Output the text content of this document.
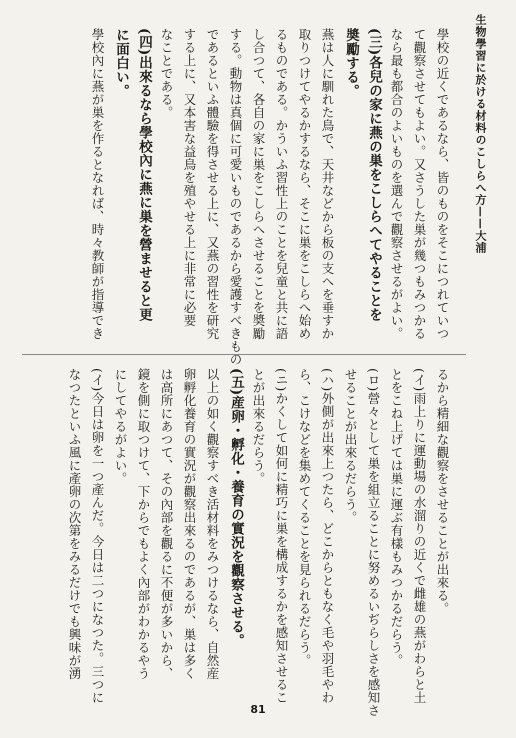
生物學習に於ける材料のこしらへ方——大浦
學校の近くであるなら、皆のものをそこにつれていつ
て觀察させてもよい。又さうした巣が幾つもみつかる
なら最も都合のよいものを選んで觀察させるがよい。
(三)各兒の家に燕の巣をこしらへてやることを
奬勵する。
燕は人に馴れた鳥で、天井などから板の支へを垂すか
取りつけてやるかするなら、そこに巣をこしらへ始め
るものである。かういふ習性上のことを兒童と共に語
し合つて、各自の家に巣をこしらへさせることを奬勵
する。動物は真個に可愛いものであるから愛護すべきもの
であるといふ體驗を得させる上に、又燕の習性を研究
する上に、又本害な益鳥を殖やせる上に非常に必要
なことである。
(四)出來るなら學校內に燕に巣を營ませると更
に面白い。
學校內に燕が巣を作るとなれば、時々教師が指導でき
るから精細な觀察をさせることが出來る。
(イ)雨上りに運動場の水溜りの近くで雌雄の燕がわらと土
とをこね上げては巣に運ぶ有樣もみつかるだらう。
(ロ)營々として巣を組立ることに努めるいぢらしさを感知さ
せることが出來るだらう。
(ハ)外側が出來上つたら、どこからともなく毛や羽毛やわ
ら、こけなどを集めてくることを見られるだらう。
(ニ)かくして如何に精巧に巣を構成するかを感知させるこ
とが出來るだらう。
(五)産卵・孵化・養育の實況を觀察させる。
以上の如く觀察すべき活材料をみつけるなら、自然産
卵孵化養育の實況が觀察出來るのであるが、巣は多く
は高所にあつて、その內部を觀るに不便が多いから、
鏡を側に取つけて、下からでもよく內部がわかるやう
にしてやるがよい。
(イ)今日は卵を一つ產んだ。今日は二つになつた。三つに
なつたといふ風に產卵の次第をみるだけでも興味が湧
81
